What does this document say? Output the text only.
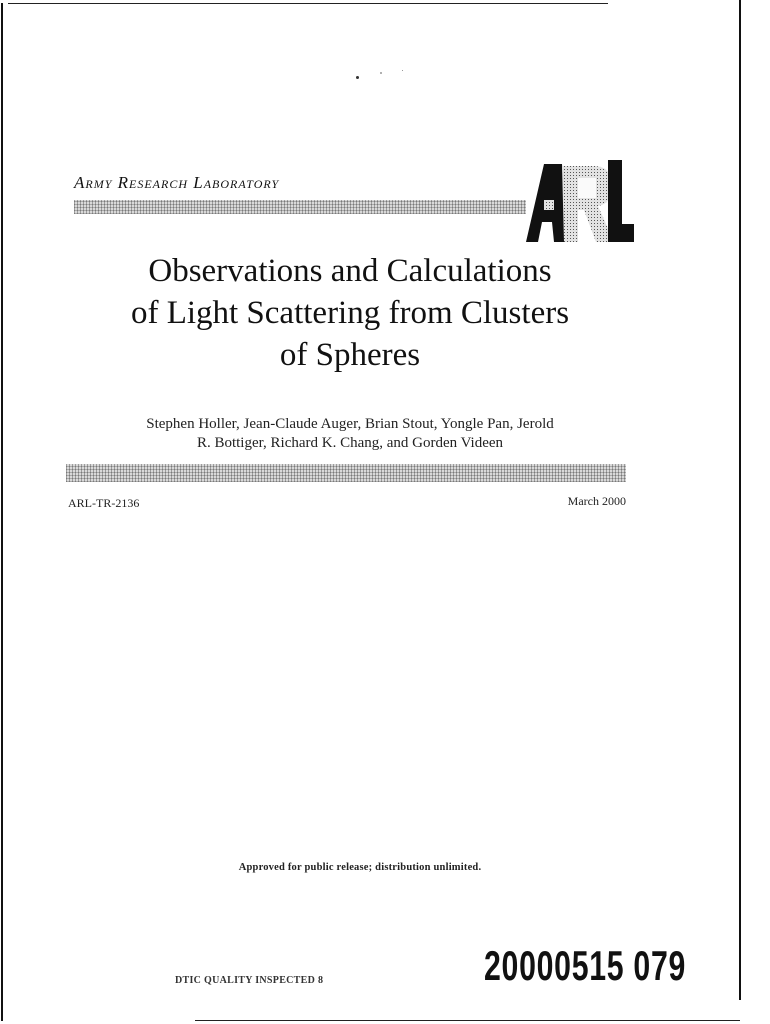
Army Research Laboratory
Observations and Calculations
of Light Scattering from Clusters
of Spheres

Stephen Holler, Jean-Claude Auger, Brian Stout, Yongle Pan, Jerold
R. Bottiger, Richard K. Chang, and Gorden Videen

ARL-TR-2136	March 2000
Approved for public release; distribution unlimited.
DTIC QUALITY INSPECTED 8	20000515 079
